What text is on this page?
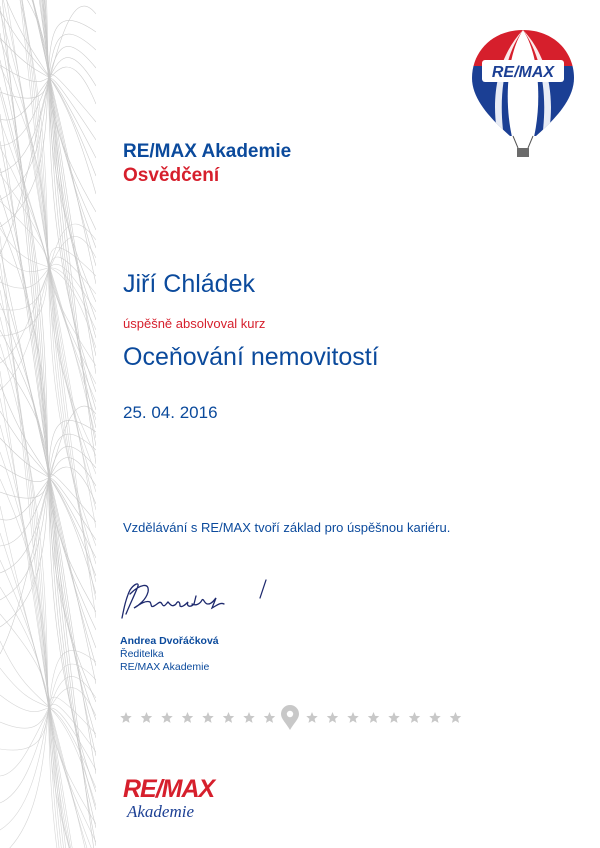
RE/MAX
RE/MAX Akademie
Osvědčení
Jiří Chládek
úspěšně absolvoval kurz
Oceňování nemovitostí
25. 04. 2016
Vzdělávání s RE/MAX tvoří základ pro úspěšnou kariéru.
Andrea Dvořáčková
Ředitelka
RE/MAX Akademie
RE/MAX
Akademie
